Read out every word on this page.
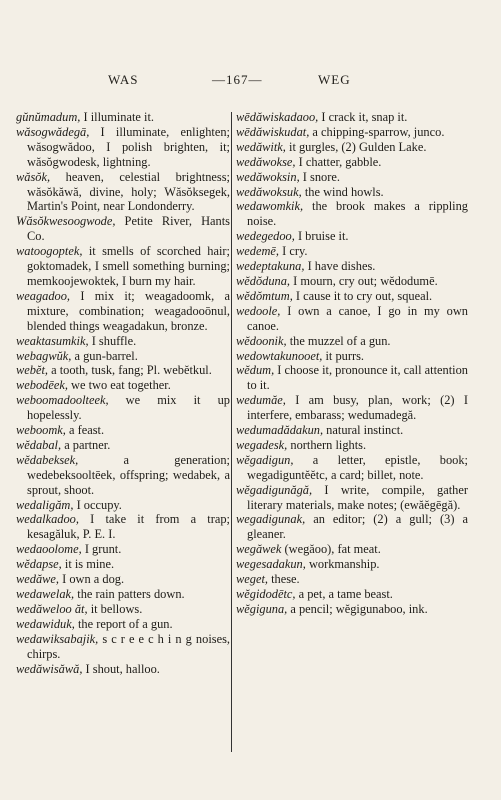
WAS	—167—	WEG

gŭnŭmadum, I illuminate it.

wăsogwădegā, I illuminate, enlighten; wăsogwădoo, I polish brighten, it; wăsŏgwodesk, lightning.

wăsŏk, heaven, celestial brightness; wăsŏkăwă, divine, holy; Wăsŏksegek, Martin's Point, near Londonderry.

Wăsŏkwesoogwode, Petite River, Hants Co.

watoogoptek, it smells of scorched hair; goktomadek, I smell something burning; memkoojewoktek, I burn my hair.

weagadoo, I mix it; weagadoomk, a mixture, combination; weagadooōnul, blended things weagadakun, bronze.

weaktasumkik, I shuffle.

webagwŭk, a gun-barrel.

webĕt, a tooth, tusk, fang; Pl. webĕtkul.

webodēek, we two eat together.

weboomadoolteek, we mix it up hopelessly.

weboomk, a feast.

wĕdabal, a partner.

wĕdabeksek, a generation; wedebeksooltēek, offspring; wedabek, a sprout, shoot.

wedaligăm, I occupy.

wedalkadoo, I take it from a trap; kesagăluk, P. E. I.

wedaoolome, I grunt.

wĕdapse, it is mine.

wedăwe, I own a dog.

wedawelak, the rain patters down.

wedăweloo ăt, it bellows.

wedawiduk, the report of a gun.

wedawiksabajik, s c r e e c h i n g noises, chirps.

wedăwisăwă, I shout, halloo.

wēdăwiskadaoo, I crack it, snap it.

wēdăwiskudat, a chipping-sparrow, junco.

wedăwitk, it gurgles, (2) Gulden Lake.

wedăwokse, I chatter, gabble.

wedăwoksin, I snore.

wedăwoksuk, the wind howls.

wedawomkik, the brook makes a rippling noise.

wedegedoo, I bruise it.

wedemē, I cry.

wedeptakuna, I have dishes.

wĕdŏduna, I mourn, cry out; wĕdodumē.

wĕdŏmtum, I cause it to cry out, squeal.

wedoole, I own a canoe, I go in my own canoe.

wĕdoonik, the muzzel of a gun.

wedowtakunooet, it purrs.

wĕdum, I choose it, pronounce it, call attention to it.

wedumăe, I am busy, plan, work; (2) I interfere, embarass; wedumadegă.

wedumadădakun, natural instinct.

wegadesk, northern lights.

wĕgadigun, a letter, epistle, book; wegadiguntĕĕtc, a card; billet, note.

wĕgadigunăgă, I write, compile, gather literary materials, make notes; (ewăĕgēgă).

wegadigunak, an editor; (2) a gull; (3) a gleaner.

wegăwek (wegăoo), fat meat.

wegesadakun, workmanship.

weget, these.

wĕgidodētc, a pet, a tame beast.

wĕgiguna, a pencil; wĕgigunaboo, ink.
